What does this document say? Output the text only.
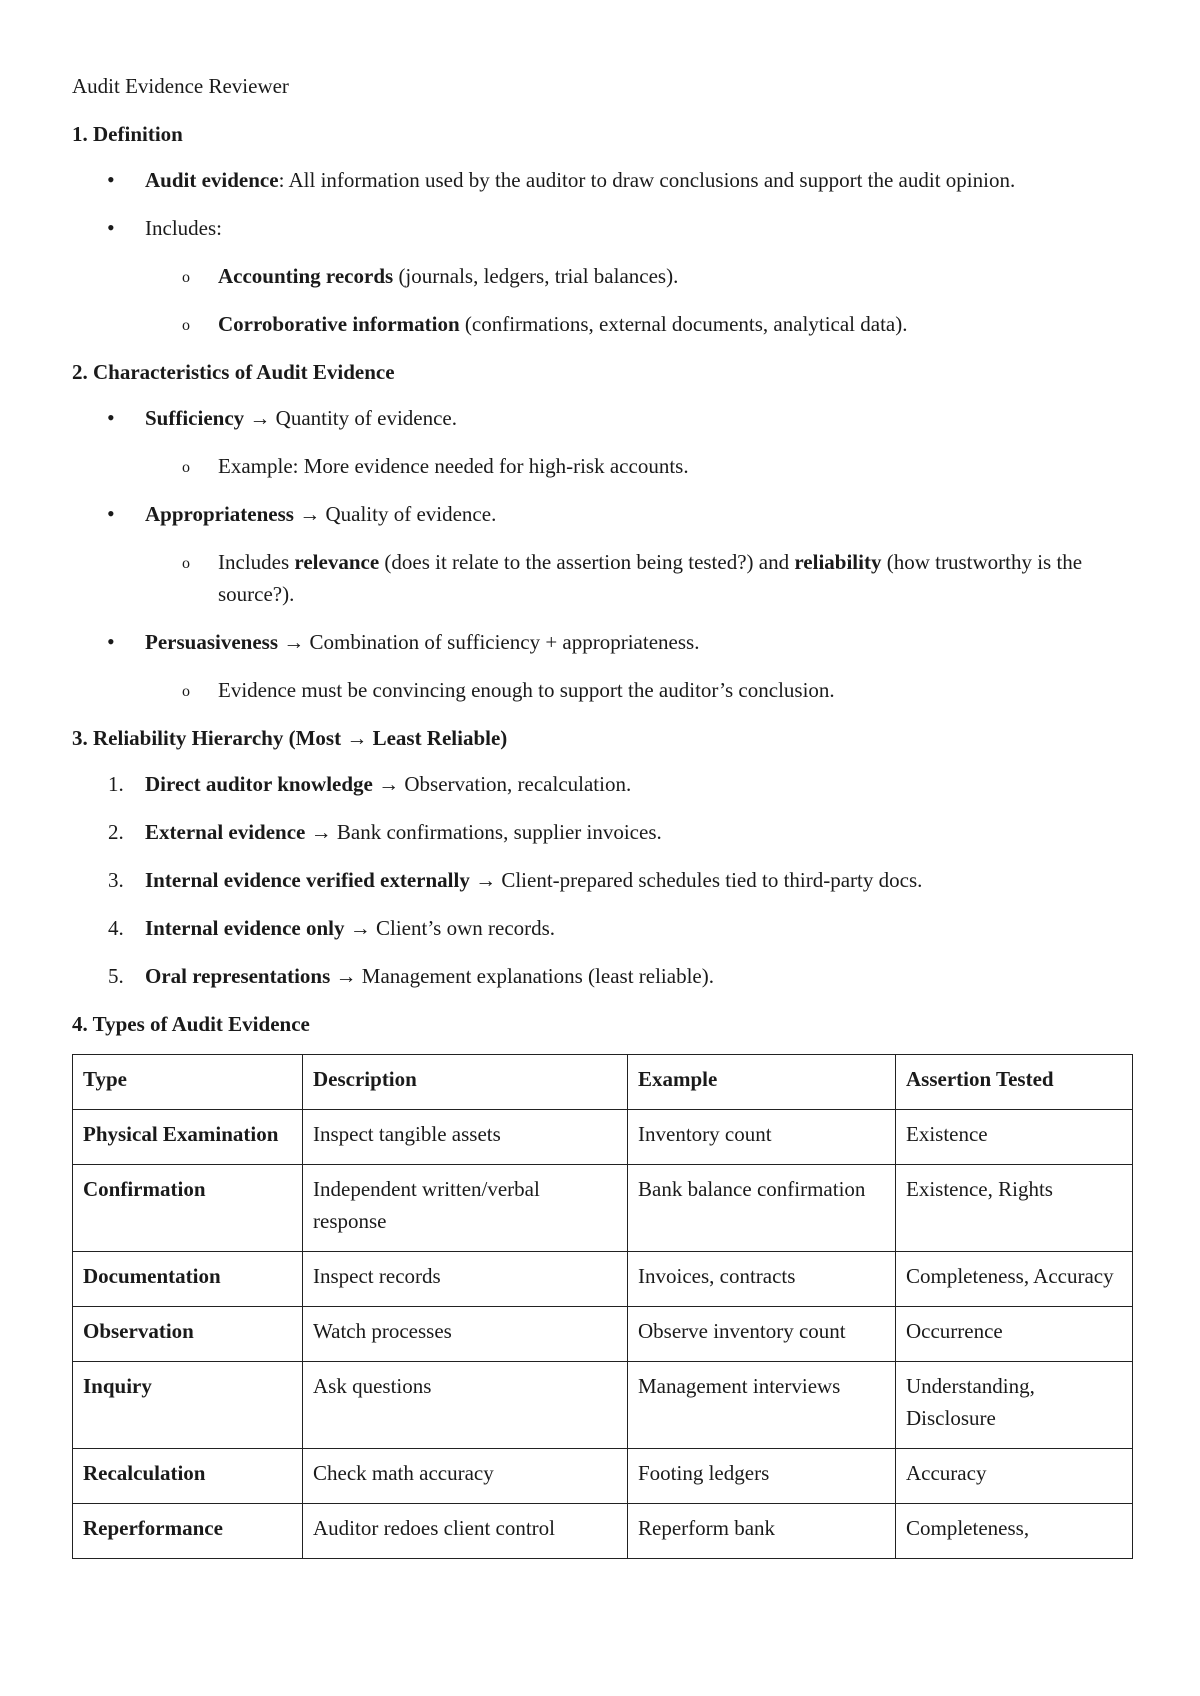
Audit Evidence Reviewer
1. Definition
• Audit evidence: All information used by the auditor to draw conclusions and support the audit opinion.
• Includes:
o Accounting records (journals, ledgers, trial balances).
o Corroborative information (confirmations, external documents, analytical data).
2. Characteristics of Audit Evidence
• Sufficiency → Quantity of evidence.
o Example: More evidence needed for high-risk accounts.
• Appropriateness → Quality of evidence.
o Includes relevance (does it relate to the assertion being tested?) and reliability (how trustworthy is the source?).
• Persuasiveness → Combination of sufficiency + appropriateness.
o Evidence must be convincing enough to support the auditor’s conclusion.
3. Reliability Hierarchy (Most → Least Reliable)
1. Direct auditor knowledge → Observation, recalculation.
2. External evidence → Bank confirmations, supplier invoices.
3. Internal evidence verified externally → Client-prepared schedules tied to third-party docs.
4. Internal evidence only → Client’s own records.
5. Oral representations → Management explanations (least reliable).
4. Types of Audit Evidence
Type	Description	Example	Assertion Tested
Physical Examination	Inspect tangible assets	Inventory count	Existence
Confirmation	Independent written/verbal response	Bank balance confirmation	Existence, Rights
Documentation	Inspect records	Invoices, contracts	Completeness, Accuracy
Observation	Watch processes	Observe inventory count	Occurrence
Inquiry	Ask questions	Management interviews	Understanding, Disclosure
Recalculation	Check math accuracy	Footing ledgers	Accuracy
Reperformance	Auditor redoes client control	Reperform bank	Completeness,
